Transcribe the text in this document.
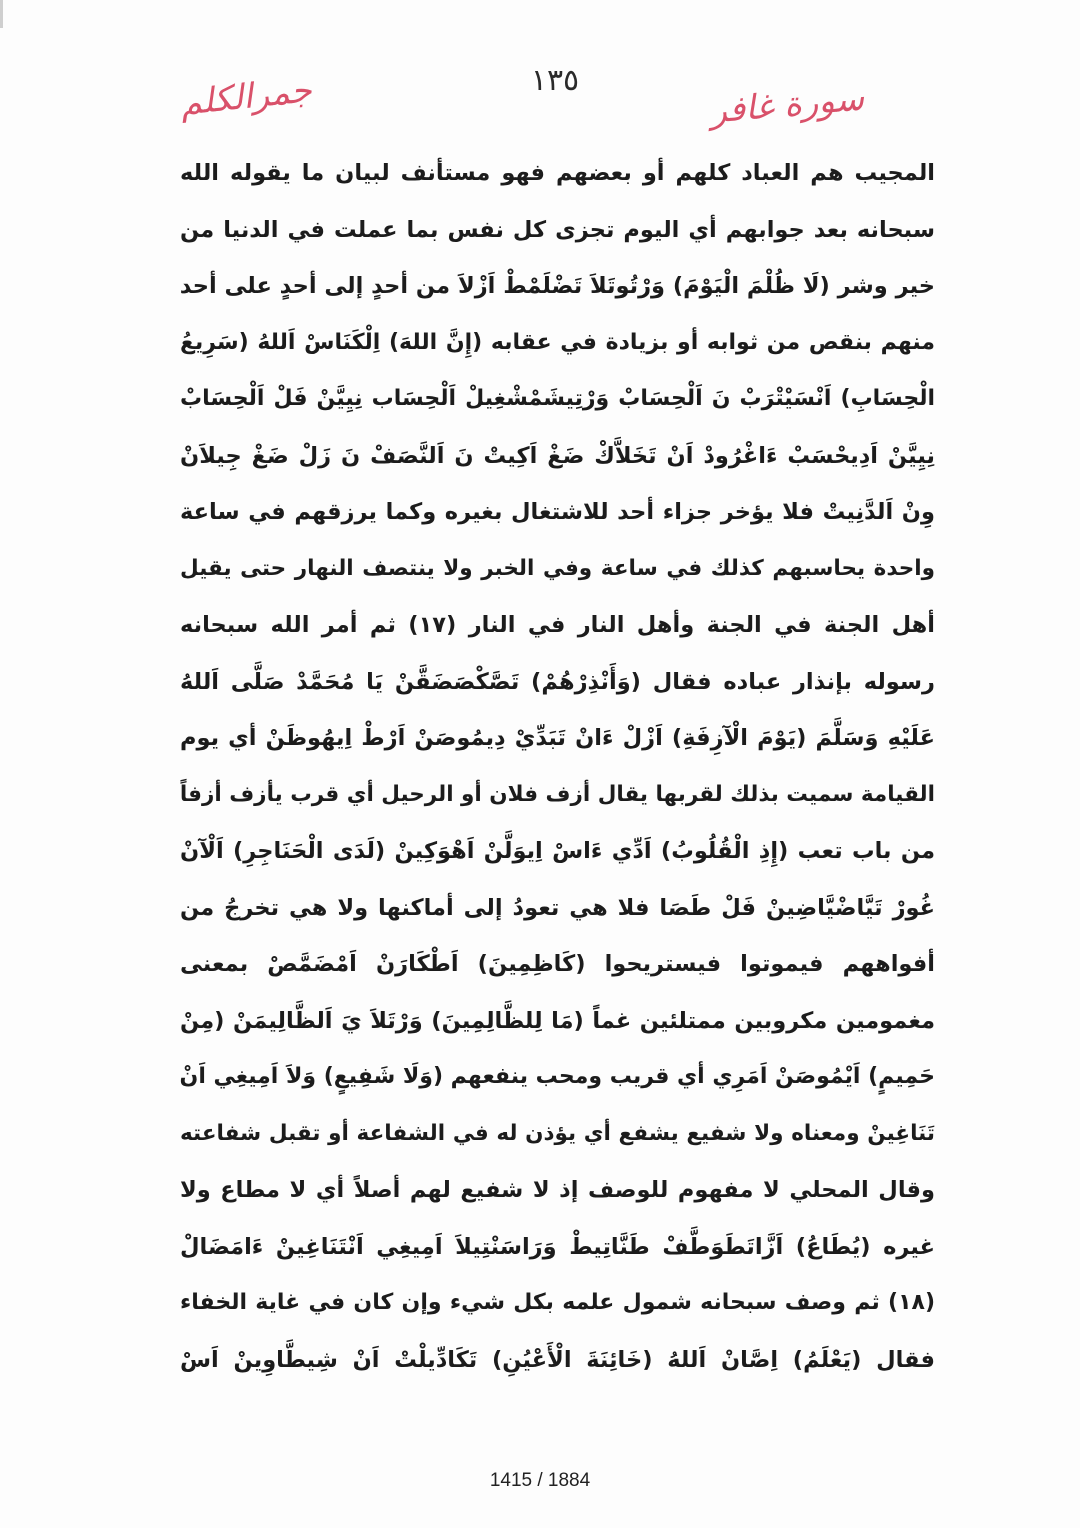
جمرالكلم	١٣٥	سورة غافر
المجيب هم العباد كلهم أو بعضهم فهو مستأنف لبيان ما يقوله الله
سبحانه بعد جوابهم أي اليوم تجزى كل نفس بما عملت في الدنيا من
خير وشر (لَا ظُلْمَ الْيَوْمَ) وَرْتُوتَلاَ تَضْلَمْطْ اَزْلاَ من أحدٍ إلى أحدٍ على أحد
منهم بنقص من ثوابه أو بزيادة في عقابه (إِنَّ اللهَ) اِلْكَنَاسْ اَللهُ (سَرِيعُ
الْحِسَابِ) اَنْسَيْتْرَبْ نَ اَلْحِسَابْ وَرْتِيشَمْشْغِيلْ اَلْحِسَاب نِيِيَّنْ فَلْ اَلْحِسَابْ
نِيِيَّنْ اَدِيحْسَبْ ءَاغْرُودْ اَنْ تَخَلاَّكْ ضَغْ اَكِيتْ نَ اَلنَّصَفْ نَ زَلْ ضَغْ جِيلاَنْ
وِنْ اَلدَّنِيتْ فلا يؤخر جزاء أحد للاشتغال بغيره وكما يرزقهم في ساعة
واحدة يحاسبهم كذلك في ساعة وفي الخبر ولا ينتصف النهار حتى يقيل
أهل الجنة في الجنة وأهل النار في النار (١٧) ثم أمر الله سبحانه
رسوله بإنذار عباده فقال (وَأَنْذِرْهُمْ) تَصَّكْصَضَقَّنْ يَا مُحَمَّدْ صَلَّى اَللهُ
عَلَيْهِ وَسَلَّمَ (يَوْمَ الْآزِفَةِ) اَزْلْ ءَانْ تَبَدِّيْ دِيمُوصَنْ اَرْطْ اِيهُوظَنْ أي يوم
القيامة سميت بذلك لقربها يقال أزف فلان أو الرحيل أي قرب يأزف أزفاً
من باب تعب (إِذِ الْقُلُوبُ) اَدِّي ءَاسْ اِيوَلَّنْ اَهْوَكِينْ (لَدَى الْحَنَاجِرِ) اَلْآنْ
غُورْ تَيَّاضْيَّاضِينْ فَلْ طَصَا فلا هي تعودُ إلى أماكنها ولا هي تخرجُ من
أفواههم فيموتوا فيستريحوا (كَاظِمِينَ) اَطْكَارَنْ اَمْضَمَّصْ بمعنى
مغمومين مكروبين ممتلئين غماً (مَا لِلظَّالِمِينَ) وَرْتَلاَ يَ اَلظَّالِيمَنْ (مِنْ
حَمِيمٍ) اَيْمُوصَنْ اَمَرِي أي قريب ومحب ينفعهم (وَلَا شَفِيعٍ) وَلاَ اَمِيغِي اَنْ
تَنَاغِينْ ومعناه ولا شفيع يشفع أي يؤذن له في الشفاعة أو تقبل شفاعته
وقال المحلي لا مفهوم للوصف إذ لا شفيع لهم أصلاً أي لا مطاع ولا
غيره (يُطَاعُ) اَزَّاتَطَوَطَّفْ طَنَّاتِيطْ وَرَاسَنْتِيلاَ اَمِيغِي اَنْتَنَاغِينْ ءَامَضَالْ
(١٨) ثم وصف سبحانه شمول علمه بكل شيء وإن كان في غاية الخفاء
فقال (يَعْلَمُ) اِصَّانْ اَللهُ (خَائِنَةَ الْأَعْيُنِ) تَكَادِّيلْتْ اَنْ شِيطَّاوِينْ اَسْ
1415 / 1884
